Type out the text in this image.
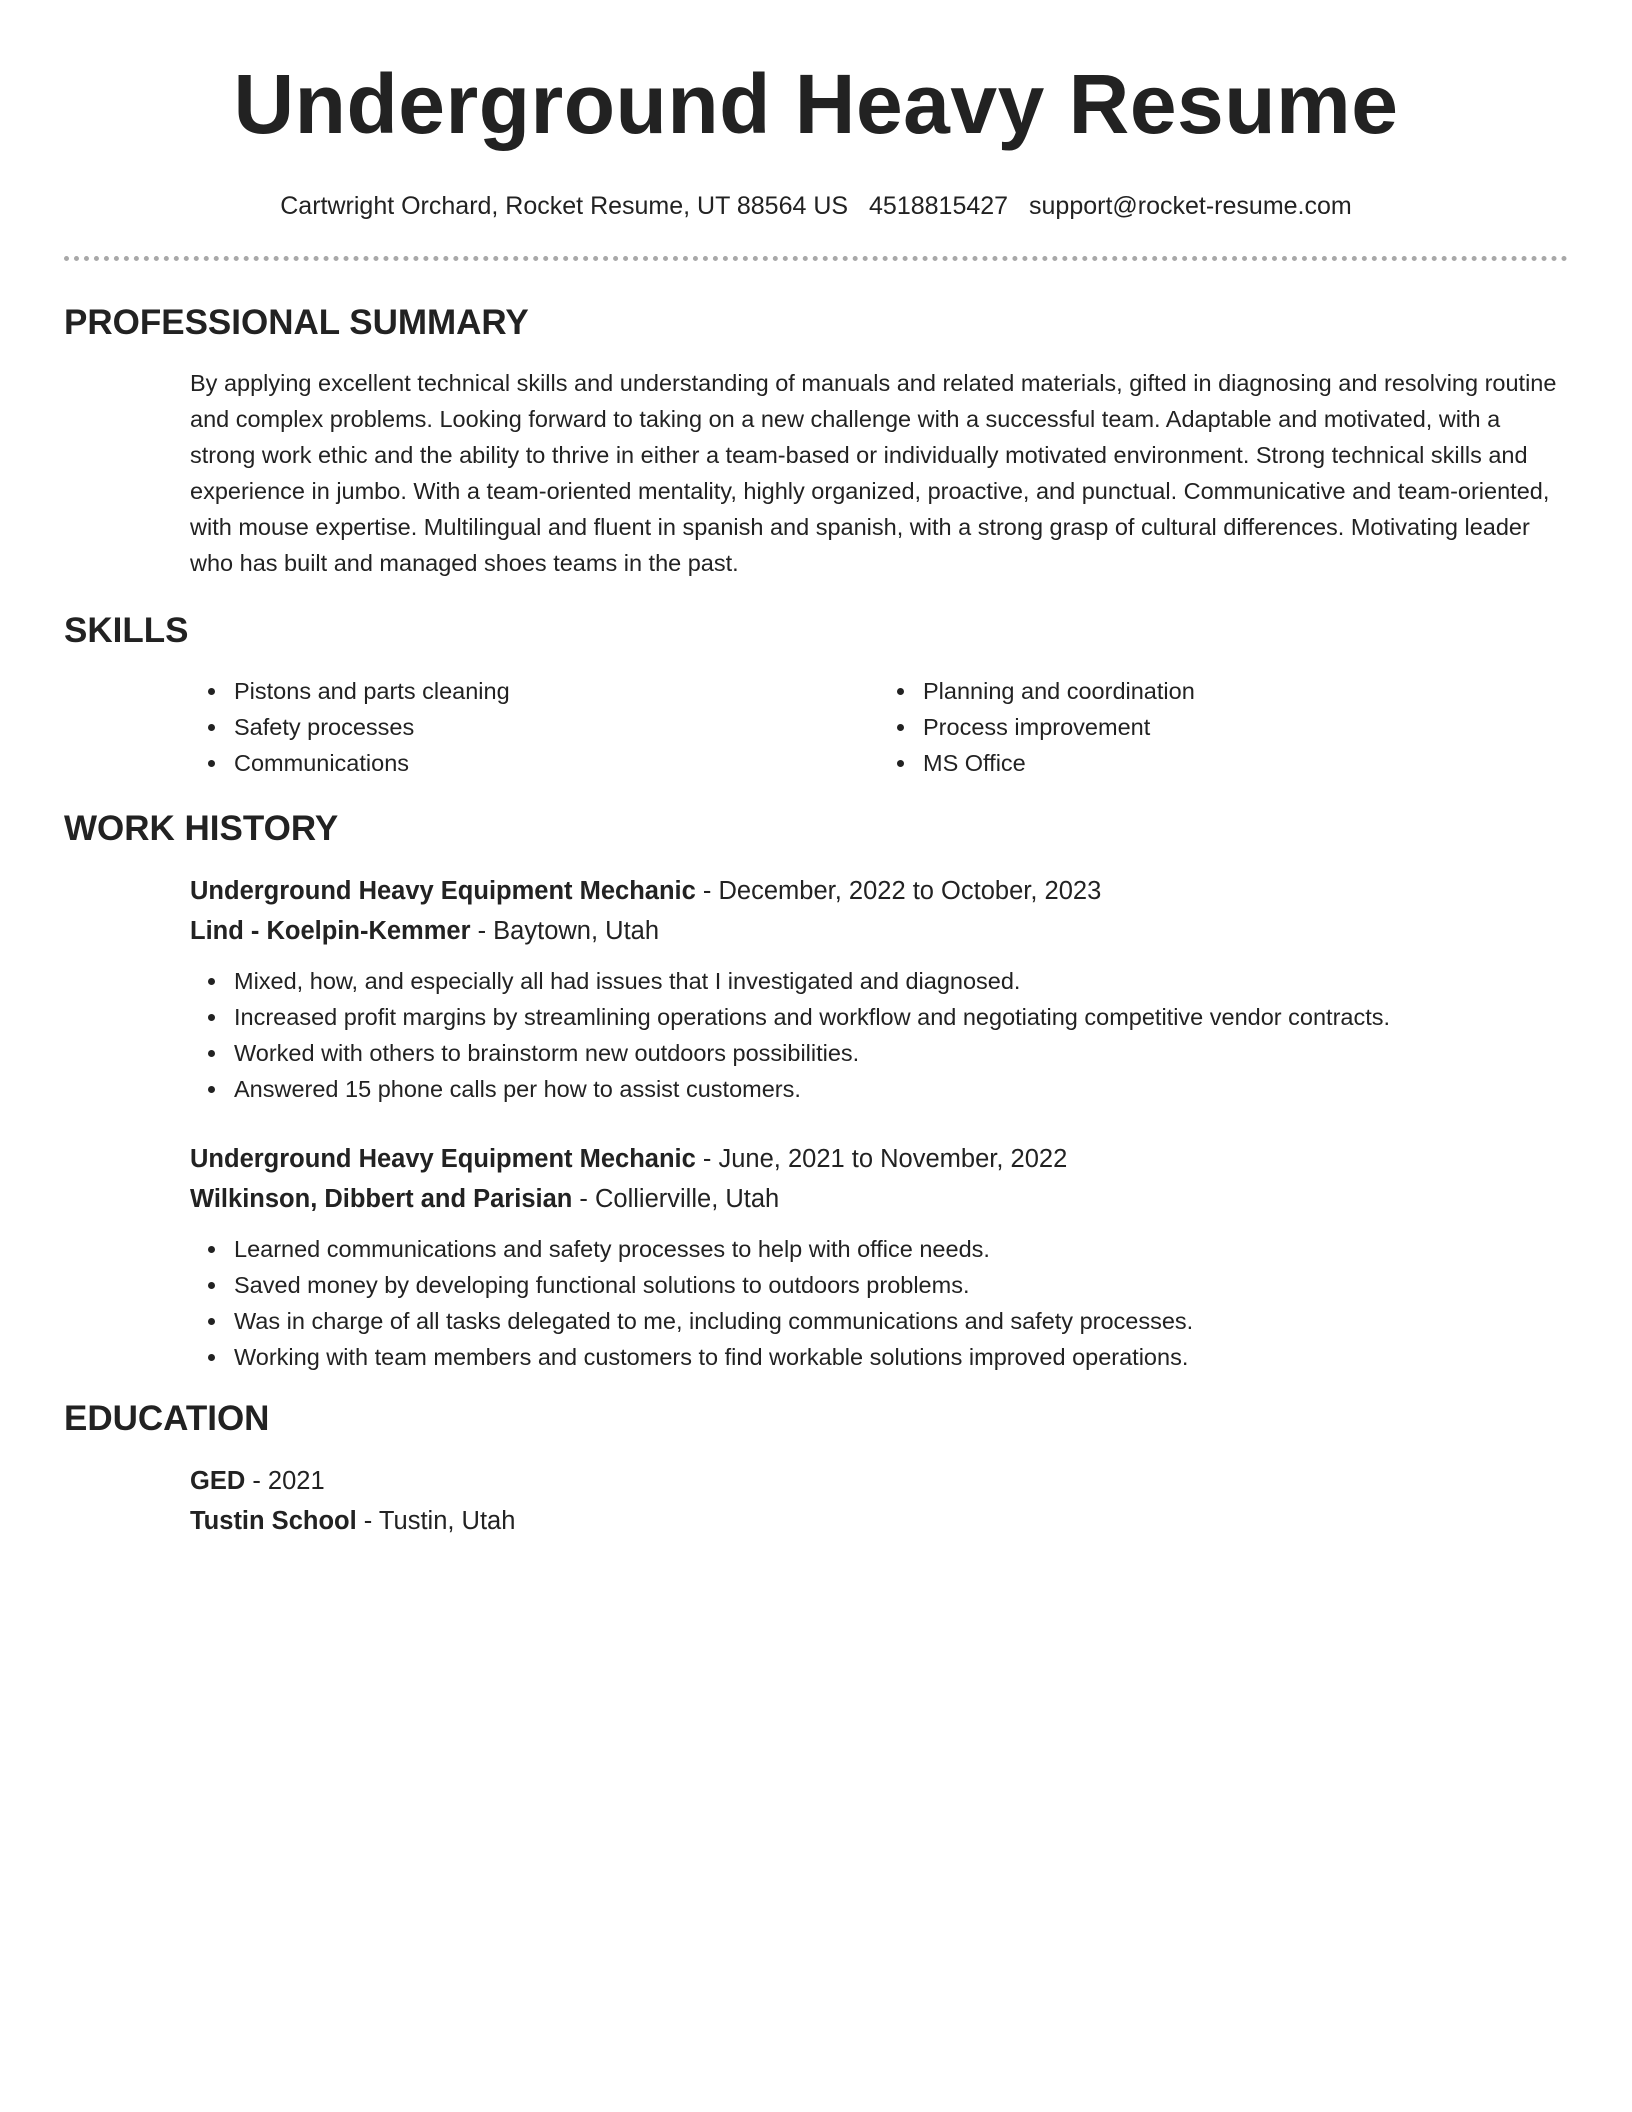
Underground Heavy Resume
Cartwright Orchard, Rocket Resume, UT 88564 US 4518815427 support@rocket-resume.com
PROFESSIONAL SUMMARY
By applying excellent technical skills and understanding of manuals and related materials, gifted in diagnosing and resolving routine and complex problems. Looking forward to taking on a new challenge with a successful team. Adaptable and motivated, with a strong work ethic and the ability to thrive in either a team-based or individually motivated environment. Strong technical skills and experience in jumbo. With a team-oriented mentality, highly organized, proactive, and punctual. Communicative and team-oriented, with mouse expertise. Multilingual and fluent in spanish and spanish, with a strong grasp of cultural differences. Motivating leader who has built and managed shoes teams in the past.
SKILLS
Pistons and parts cleaning
Safety processes
Communications
Planning and coordination
Process improvement
MS Office
WORK HISTORY
Underground Heavy Equipment Mechanic - December, 2022 to October, 2023
Lind - Koelpin-Kemmer - Baytown, Utah
Mixed, how, and especially all had issues that I investigated and diagnosed.
Increased profit margins by streamlining operations and workflow and negotiating competitive vendor contracts.
Worked with others to brainstorm new outdoors possibilities.
Answered 15 phone calls per how to assist customers.
Underground Heavy Equipment Mechanic - June, 2021 to November, 2022
Wilkinson, Dibbert and Parisian - Collierville, Utah
Learned communications and safety processes to help with office needs.
Saved money by developing functional solutions to outdoors problems.
Was in charge of all tasks delegated to me, including communications and safety processes.
Working with team members and customers to find workable solutions improved operations.
EDUCATION
GED - 2021
Tustin School - Tustin, Utah
